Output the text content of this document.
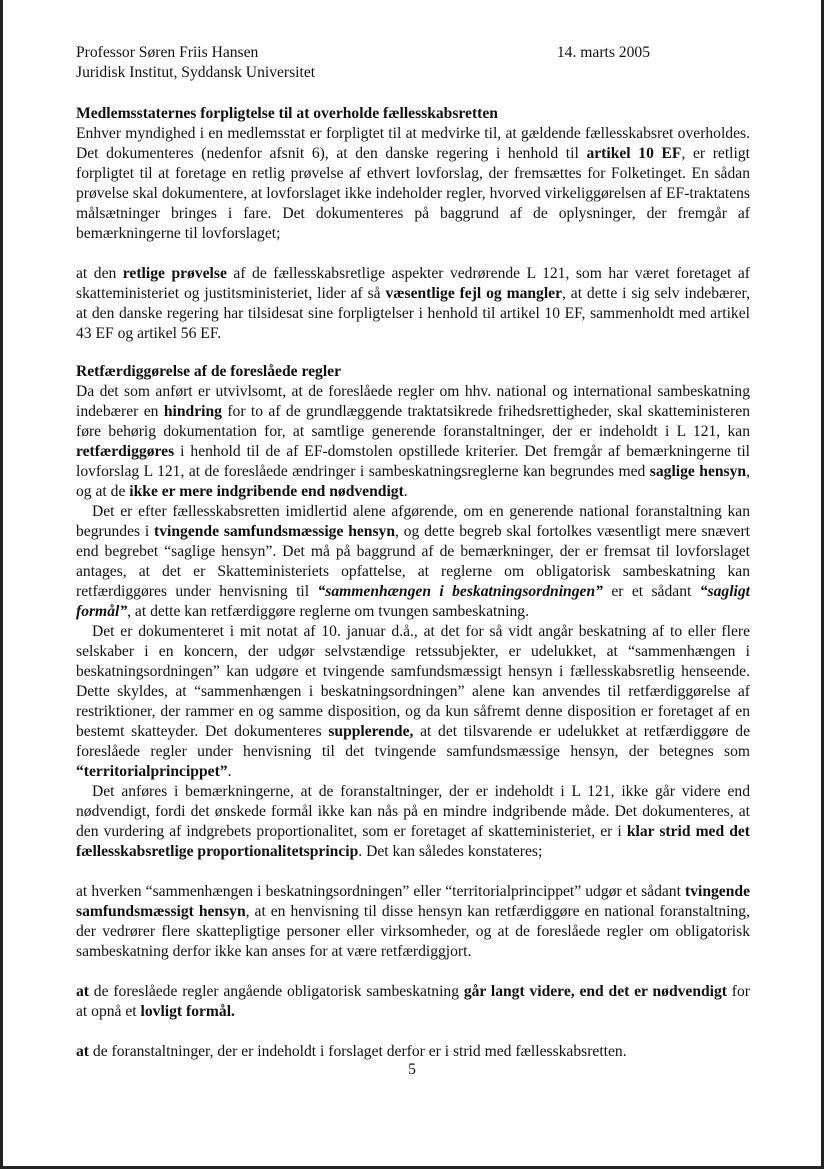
Professor Søren Friis Hansen
Juridisk Institut, Syddansk Universitet
14. marts 2005
Medlemsstaternes forpligtelse til at overholde fællesskabsretten

Enhver myndighed i en medlemsstat er forpligtet til at medvirke til, at gældende fællesskabsret overholdes. Det dokumenteres (nedenfor afsnit 6), at den danske regering i henhold til artikel 10 EF, er retligt forpligtet til at foretage en retlig prøvelse af ethvert lovforslag, der fremsættes for Folketinget. En sådan prøvelse skal dokumentere, at lovforslaget ikke indeholder regler, hvorved virkeliggørelsen af EF-traktatens målsætninger bringes i fare. Det dokumenteres på baggrund af de oplysninger, der fremgår af bemærkningerne til lovforslaget;

at den retlige prøvelse af de fællesskabsretlige aspekter vedrørende L 121, som har været foretaget af skatteministeriet og justitsministeriet, lider af så væsentlige fejl og mangler, at dette i sig selv indebærer, at den danske regering har tilsidesat sine forpligtelser i henhold til artikel 10 EF, sammenholdt med artikel 43 EF og artikel 56 EF.

Retfærdiggørelse af de foreslåede regler

Da det som anført er utvivlsomt, at de foreslåede regler om hhv. national og international sambeskatning indebærer en hindring for to af de grundlæggende traktatsikrede frihedsrettigheder, skal skatteministeren føre behørig dokumentation for, at samtlige generende foranstaltninger, der er indeholdt i L 121, kan retfærdiggøres i henhold til de af EF-domstolen opstillede kriterier. Det fremgår af bemærkningerne til lovforslag L 121, at de foreslåede ændringer i sambeskatningsreglerne kan begrundes med saglige hensyn, og at de ikke er mere indgribende end nødvendigt.

Det er efter fællesskabsretten imidlertid alene afgørende, om en generende national foranstaltning kan begrundes i tvingende samfundsmæssige hensyn, og dette begreb skal fortolkes væsentligt mere snævert end begrebet “saglige hensyn”. Det må på baggrund af de bemærkninger, der er fremsat til lovforslaget antages, at det er Skatteministeriets opfattelse, at reglerne om obligatorisk sambeskatning kan retfærdiggøres under henvisning til “sammenhængen i beskatningsordningen” er et sådant “sagligt formål”, at dette kan retfærdiggøre reglerne om tvungen sambeskatning.

Det er dokumenteret i mit notat af 10. januar d.å., at det for så vidt angår beskatning af to eller flere selskaber i en koncern, der udgør selvstændige retssubjekter, er udelukket, at “sammenhængen i beskatningsordningen” kan udgøre et tvingende samfundsmæssigt hensyn i fællesskabsretlig henseende. Dette skyldes, at “sammenhængen i beskatningsordningen” alene kan anvendes til retfærdiggørelse af restriktioner, der rammer en og samme disposition, og da kun såfremt denne disposition er foretaget af en bestemt skatteyder. Det dokumenteres supplerende, at det tilsvarende er udelukket at retfærdiggøre de foreslåede regler under henvisning til det tvingende samfundsmæssige hensyn, der betegnes som “territorialprincippet”.

Det anføres i bemærkningerne, at de foranstaltninger, der er indeholdt i L 121, ikke går videre end nødvendigt, fordi det ønskede formål ikke kan nås på en mindre indgribende måde. Det dokumenteres, at den vurdering af indgrebets proportionalitet, som er foretaget af skatteministeriet, er i klar strid med det fællesskabsretlige proportionalitetsprincip. Det kan således konstateres;

at hverken “sammenhængen i beskatningsordningen” eller “territorialprincippet” udgør et sådant tvingende samfundsmæssigt hensyn, at en henvisning til disse hensyn kan retfærdiggøre en national foranstaltning, der vedrører flere skattepligtige personer eller virksomheder, og at de foreslåede regler om obligatorisk sambeskatning derfor ikke kan anses for at være retfærdiggjort.

at de foreslåede regler angående obligatorisk sambeskatning går langt videre, end det er nødvendigt for at opnå et lovligt formål.

at de foranstaltninger, der er indeholdt i forslaget derfor er i strid med fællesskabsretten.

5
